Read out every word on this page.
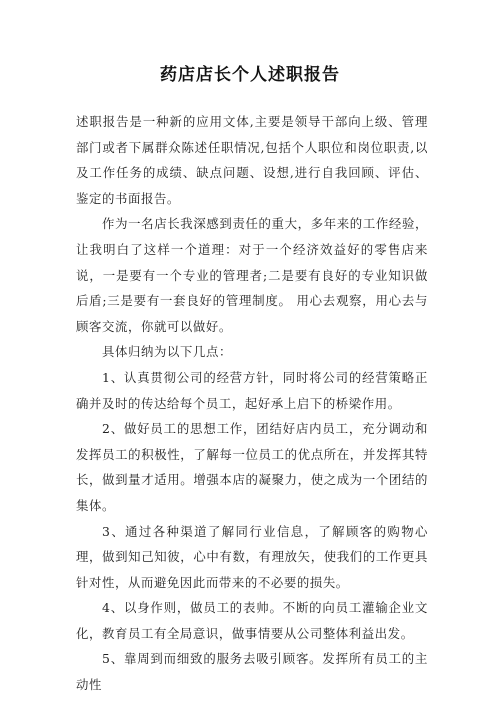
药店店长个人述职报告

述职报告是一种新的应用文体,主要是领导干部向上级、管理部门或者下属群众陈述任职情况,包括个人职位和岗位职责,以及工作任务的成绩、缺点问题、设想,进行自我回顾、评估、鉴定的书面报告。

作为一名店长我深感到责任的重大，多年来的工作经验，让我明白了这样一个道理：对于一个经济效益好的零售店来说，一是要有一个专业的管理者;二是要有良好的专业知识做后盾;三是要有一套良好的管理制度。 用心去观察，用心去与顾客交流，你就可以做好。

具体归纳为以下几点：

1、认真贯彻公司的经营方针，同时将公司的经营策略正确并及时的传达给每个员工，起好承上启下的桥梁作用。

2、做好员工的思想工作，团结好店内员工，充分调动和发挥员工的积极性，了解每一位员工的优点所在，并发挥其特长，做到量才适用。增强本店的凝聚力，使之成为一个团结的集体。

3、通过各种渠道了解同行业信息，了解顾客的购物心理，做到知己知彼，心中有数，有理放矢，使我们的工作更具针对性，从而避免因此而带来的不必要的损失。

4、以身作则，做员工的表帅。不断的向员工灌输企业文化，教育员工有全局意识，做事情要从公司整体利益出发。

5、靠周到而细致的服务去吸引顾客。发挥所有员工的主动性
